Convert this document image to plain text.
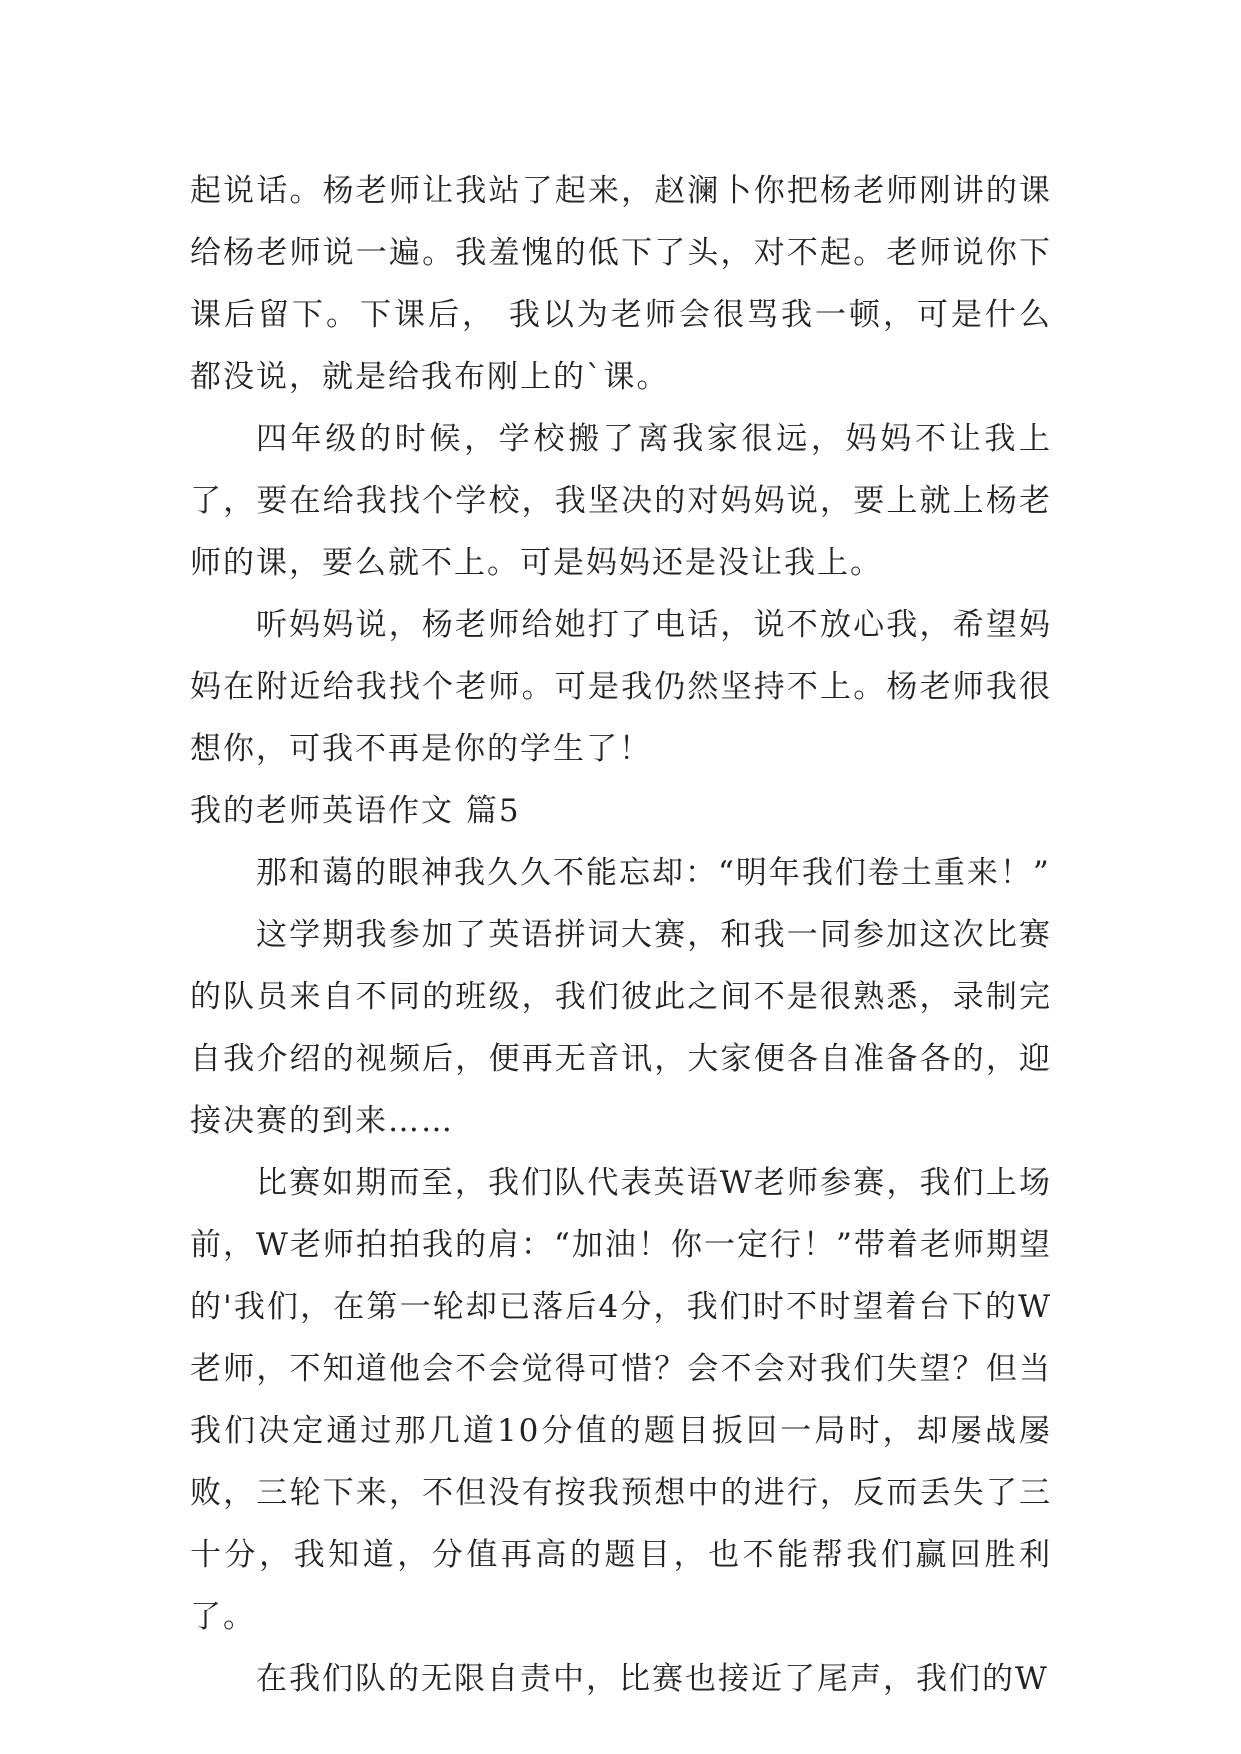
起说话。杨老师让我站了起来，赵澜卜你把杨老师刚讲的课给杨老师说一遍。我羞愧的低下了头，对不起。老师说你下课后留下。下课后， 我以为老师会很骂我一顿，可是什么都没说，就是给我布刚上的`课。

四年级的时候，学校搬了离我家很远，妈妈不让我上了，要在给我找个学校，我坚决的对妈妈说，要上就上杨老师的课，要么就不上。可是妈妈还是没让我上。

听妈妈说，杨老师给她打了电话，说不放心我，希望妈妈在附近给我找个老师。可是我仍然坚持不上。杨老师我很想你，可我不再是你的学生了！

我的老师英语作文 篇5

那和蔼的眼神我久久不能忘却：“明年我们卷土重来！”

这学期我参加了英语拼词大赛，和我一同参加这次比赛的队员来自不同的班级，我们彼此之间不是很熟悉，录制完自我介绍的视频后，便再无音讯，大家便各自准备各的，迎接决赛的到来……

比赛如期而至，我们队代表英语W老师参赛，我们上场前，W老师拍拍我的肩：“加油！你一定行！”带着老师期望的'我们，在第一轮却已落后4分，我们时不时望着台下的W老师，不知道他会不会觉得可惜？会不会对我们失望？但当我们决定通过那几道10分值的题目扳回一局时，却屡战屡败，三轮下来，不但没有按我预想中的进行，反而丢失了三十分，我知道，分值再高的题目，也不能帮我们赢回胜利了。

在我们队的无限自责中，比赛也接近了尾声，我们的W
